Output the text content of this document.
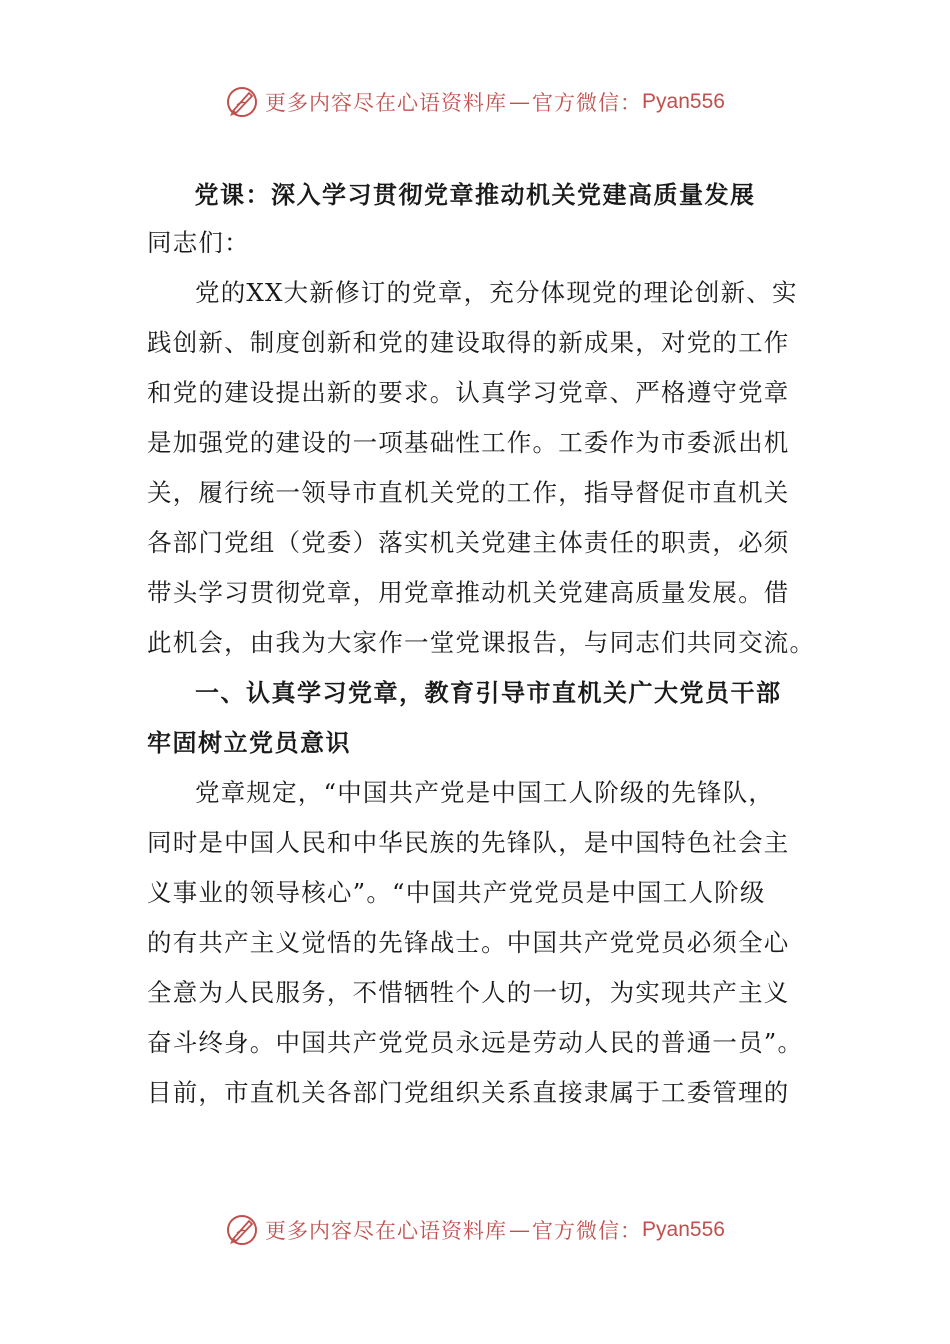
更多内容尽在心语资料库 — 官方微信： Pyan556
党课：深入学习贯彻党章推动机关党建高质量发展
同志们：
党的XX大新修订的党章，充分体现党的理论创新、实
践创新、制度创新和党的建设取得的新成果，对党的工作
和党的建设提出新的要求。认真学习党章、严格遵守党章
是加强党的建设的一项基础性工作。工委作为市委派出机
关，履行统一领导市直机关党的工作，指导督促市直机关
各部门党组（党委）落实机关党建主体责任的职责，必须
带头学习贯彻党章，用党章推动机关党建高质量发展。借
此机会，由我为大家作一堂党课报告，与同志们共同交流。
一、认真学习党章，教育引导市直机关广大党员干部
牢固树立党员意识
党章规定，“中国共产党是中国工人阶级的先锋队，
同时是中国人民和中华民族的先锋队，是中国特色社会主
义事业的领导核心”。“中国共产党党员是中国工人阶级
的有共产主义觉悟的先锋战士。中国共产党党员必须全心
全意为人民服务，不惜牺牲个人的一切，为实现共产主义
奋斗终身。中国共产党党员永远是劳动人民的普通一员”。
目前，市直机关各部门党组织关系直接隶属于工委管理的
更多内容尽在心语资料库 — 官方微信： Pyan556
